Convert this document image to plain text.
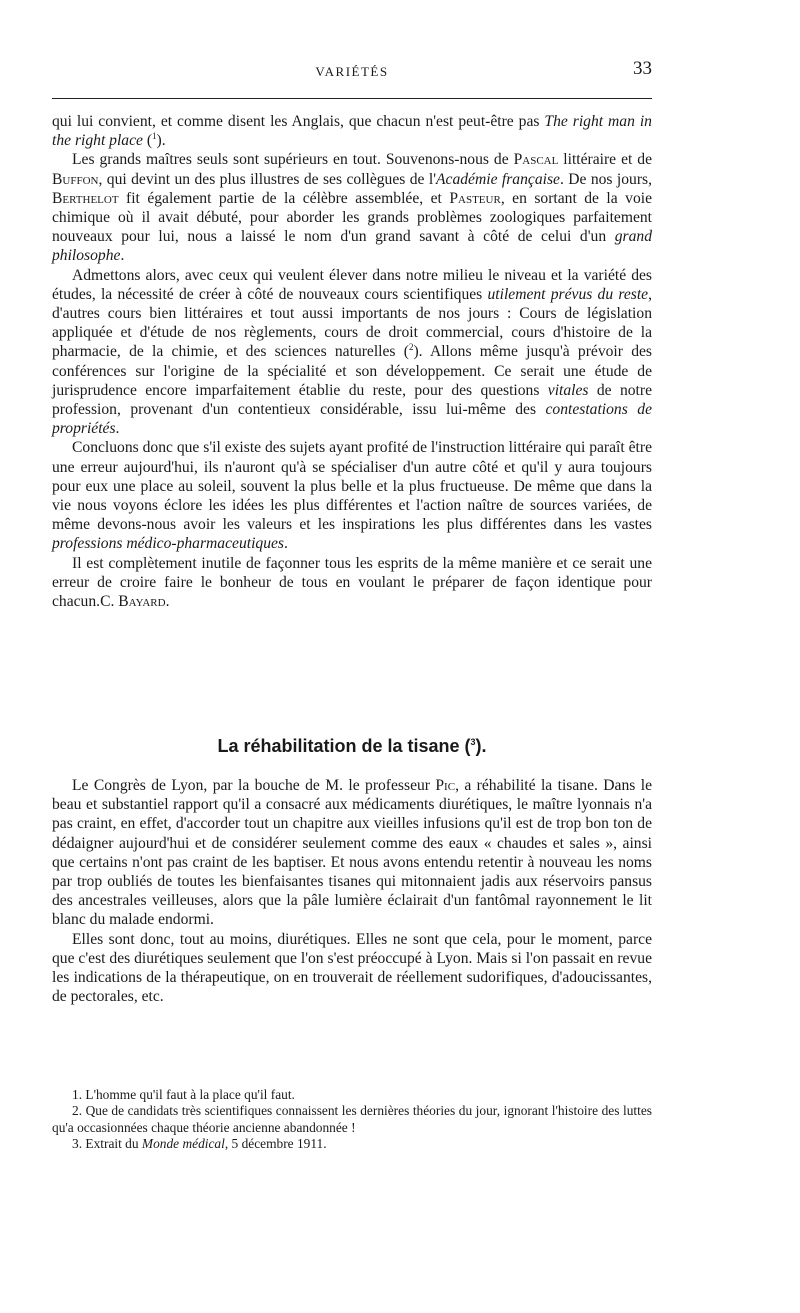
VARIÉTÉS	33

qui lui convient, et comme disent les Anglais, que chacun n'est peut-être pas The right man in the right place ($^1$).

Les grands maîtres seuls sont supérieurs en tout. Souvenons-nous de Pascal littéraire et de Buffon, qui devint un des plus illustres de ses collègues de l'Académie française. De nos jours, Berthelot fit également partie de la célèbre assemblée, et Pasteur, en sortant de la voie chimique où il avait débuté, pour aborder les grands problèmes zoologiques parfaitement nouveaux pour lui, nous a laissé le nom d'un grand savant à côté de celui d'un grand philosophe.

Admettons alors, avec ceux qui veulent élever dans notre milieu le niveau et la variété des études, la nécessité de créer à côté de nouveaux cours scientifiques utilement prévus du reste, d'autres cours bien littéraires et tout aussi importants de nos jours : Cours de législation appliquée et d'étude de nos règlements, cours de droit commercial, cours d'histoire de la pharmacie, de la chimie, et des sciences naturelles ($^2$). Allons même jusqu'à prévoir des conférences sur l'origine de la spécialité et son développement. Ce serait une étude de jurisprudence encore imparfaitement établie du reste, pour des questions vitales de notre profession, provenant d'un contentieux considérable, issu lui-même des contestations de propriétés.

Concluons donc que s'il existe des sujets ayant profité de l'instruction littéraire qui paraît être une erreur aujourd'hui, ils n'auront qu'à se spécialiser d'un autre côté et qu'il y aura toujours pour eux une place au soleil, souvent la plus belle et la plus fructueuse. De même que dans la vie nous voyons éclore les idées les plus différentes et l'action naître de sources variées, de même devons-nous avoir les valeurs et les inspirations les plus différentes dans les vastes professions médico-pharmaceutiques.

Il est complètement inutile de façonner tous les esprits de la même manière et ce serait une erreur de croire faire le bonheur de tous en voulant le préparer de façon identique pour chacun.C. Bayard.

La réhabilitation de la tisane ($^3$).

Le Congrès de Lyon, par la bouche de M. le professeur Pic, a réhabilité la tisane. Dans le beau et substantiel rapport qu'il a consacré aux médicaments diurétiques, le maître lyonnais n'a pas craint, en effet, d'accorder tout un chapitre aux vieilles infusions qu'il est de trop bon ton de dédaigner aujourd'hui et de considérer seulement comme des eaux « chaudes et sales », ainsi que certains n'ont pas craint de les baptiser. Et nous avons entendu retentir à nouveau les noms par trop oubliés de toutes les bienfaisantes tisanes qui mitonnaient jadis aux réservoirs pansus des ancestrales veilleuses, alors que la pâle lumière éclairait d'un fantômal rayonnement le lit blanc du malade endormi.

Elles sont donc, tout au moins, diurétiques. Elles ne sont que cela, pour le moment, parce que c'est des diurétiques seulement que l'on s'est préoccupé à Lyon. Mais si l'on passait en revue les indications de la thérapeutique, on en trouverait de réellement sudorifiques, d'adoucissantes, de pectorales, etc.

1. L'homme qu'il faut à la place qu'il faut.

2. Que de candidats très scientifiques connaissent les dernières théories du jour, ignorant l'histoire des luttes qu'a occasionnées chaque théorie ancienne abandonnée !

3. Extrait du Monde médical, 5 décembre 1911.
